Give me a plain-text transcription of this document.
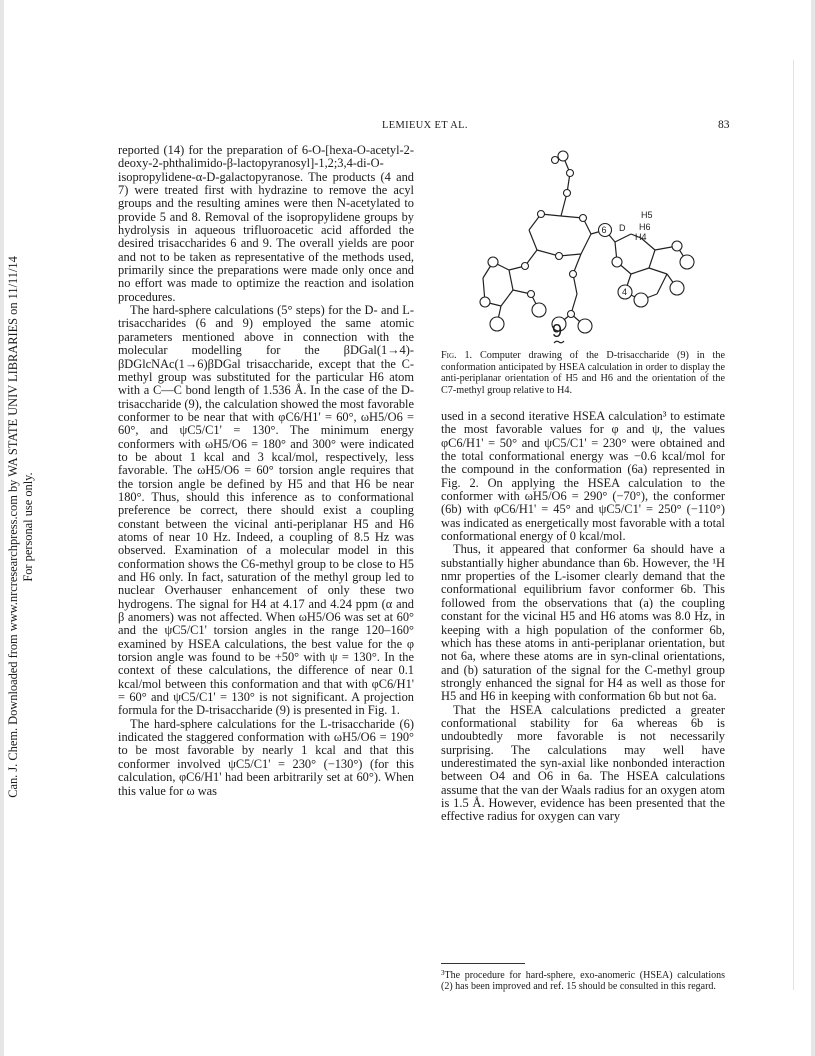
Can. J. Chem. Downloaded from www.nrcresearchpress.com by WA STATE UNIV LIBRARIES on 11/11/14 For personal use only.
LEMIEUX ET AL.	83

reported (14) for the preparation of 6-O-[hexa-O-acetyl-2-deoxy-2-phthalimido-β-lactopyranosyl]-1,2;3,4-di-O-isopropylidene-α-D-galactopyranose. The products (4 and 7) were treated first with hydrazine to remove the acyl groups and the resulting amines were then N-acetylated to provide 5 and 8. Removal of the isopropylidene groups by hydrolysis in aqueous trifluoroacetic acid afforded the desired trisaccharides 6 and 9. The overall yields are poor and not to be taken as representative of the methods used, primarily since the preparations were made only once and no effort was made to optimize the reaction and isolation procedures.

The hard-sphere calculations (5° steps) for the D- and L-trisaccharides (6 and 9) employed the same atomic parameters mentioned above in connection with the molecular modelling for the βDGal(1→4)-βDGlcNAc(1→6)βDGal trisaccharide, except that the C-methyl group was substituted for the particular H6 atom with a C—C bond length of 1.536 Å. In the case of the D-trisaccharide (9), the calculation showed the most favorable conformer to be near that with φC6/H1' = 60°, ωH5/O6 = 60°, and ψC5/C1' = 130°. The minimum energy conformers with ωH5/O6 = 180° and 300° were indicated to be about 1 kcal and 3 kcal/mol, respectively, less favorable. The ωH5/O6 = 60° torsion angle requires that the torsion angle be defined by H5 and that H6 be near 180°. Thus, should this inference as to conformational preference be correct, there should exist a coupling constant between the vicinal anti-periplanar H5 and H6 atoms of near 10 Hz. Indeed, a coupling of 8.5 Hz was observed. Examination of a molecular model in this conformation shows the C6-methyl group to be close to H5 and H6 only. In fact, saturation of the methyl group led to nuclear Overhauser enhancement of only these two hydrogens. The signal for H4 at 4.17 and 4.24 ppm (α and β anomers) was not affected. When ωH5/O6 was set at 60° and the ψC5/C1' torsion angles in the range 120–160° examined by HSEA calculations, the best value for the φ torsion angle was found to be +50° with ψ = 130°. In the context of these calculations, the difference of near 0.1 kcal/mol between this conformation and that with φC6/H1' = 60° and ψC5/C1' = 130° is not significant. A projection formula for the D-trisaccharide (9) is presented in Fig. 1.

The hard-sphere calculations for the L-trisaccharide (6) indicated the staggered conformation with ωH5/O6 = 190° to be most favorable by nearly 1 kcal and that this conformer involved ψC5/C1' = 230° (−130°) (for this calculation, φC6/H1' had been arbitrarily set at 60°). When this value for ω was

used in a second iterative HSEA calculation³ to estimate the most favorable values for φ and ψ, the values φC6/H1' = 50° and ψC5/C1' = 230° were obtained and the total conformational energy was −0.6 kcal/mol for the compound in the conformation (6a) represented in Fig. 2. On applying the HSEA calculation to the conformer with ωH5/O6 = 290° (−70°), the conformer (6b) with φC6/H1' = 45° and ψC5/C1' = 250° (−110°) was indicated as energetically most favorable with a total conformational energy of 0 kcal/mol.

Thus, it appeared that conformer 6a should have a substantially higher abundance than 6b. However, the ¹H nmr properties of the L-isomer clearly demand that the conformational equilibrium favor conformer 6b. This followed from the observations that (a) the coupling constant for the vicinal H5 and H6 atoms was 8.0 Hz, in keeping with a high population of the conformer 6b, which has these atoms in anti-periplanar orientation, but not 6a, where these atoms are in syn-clinal orientations, and (b) saturation of the signal for the C-methyl group strongly enhanced the signal for H4 as well as those for H5 and H6 in keeping with conformation 6b but not 6a.

That the HSEA calculations predicted a greater conformational stability for 6a whereas 6b is undoubtedly more favorable is not necessarily surprising. The calculations may well have underestimated the syn-axial like nonbonded interaction between O4 and O6 in 6a. The HSEA calculations assume that the van der Waals radius for an oxygen atom is 1.5 Å. However, evidence has been presented that the effective radius for oxygen can vary

6 D
H5
H6
H4
4
9
Fig. 1. Computer drawing of the D-trisaccharide (9) in the conformation anticipated by HSEA calculation in order to display the anti-periplanar orientation of H5 and H6 and the orientation of the C7-methyl group relative to H4.
$^3$The procedure for hard-sphere, exo-anomeric (HSEA) calculations (2) has been improved and ref. 15 should be consulted in this regard.
